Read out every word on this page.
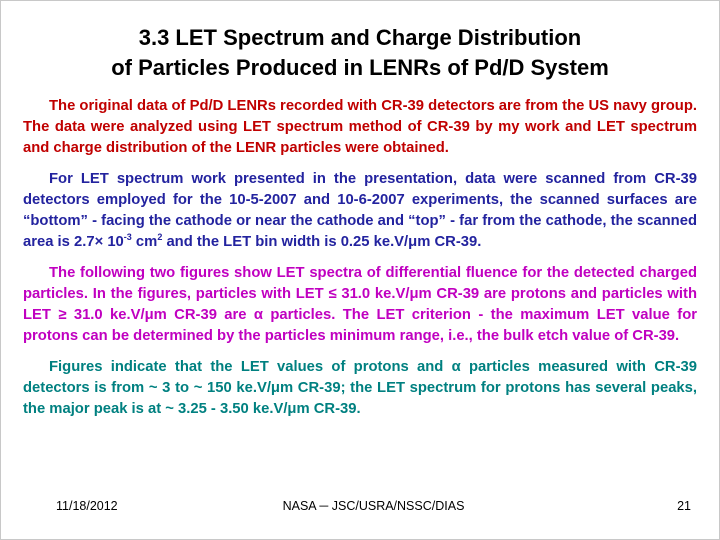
3.3 LET Spectrum and Charge Distribution
of Particles Produced in LENRs of Pd/D System

The original data of Pd/D LENRs recorded with CR-39 detectors are from the US navy group. The data were analyzed using LET spectrum method of CR-39 by my work and LET spectrum and charge distribution of the LENR particles were obtained.

For LET spectrum work presented in the presentation, data were scanned from CR-39 detectors employed for the 10-5-2007 and 10-6-2007 experiments, the scanned surfaces are “bottom” - facing the cathode or near the cathode and “top” - far from the cathode, the scanned area is $2.7\times 10^{-3}$ $cm^2$ and the LET bin width is 0.25 ke.V/μm CR-39.

The following two figures show LET spectra of differential fluence for the detected charged particles. In the figures, particles with LET ≤ 31.0 ke.V/μm CR-39 are protons and particles with LET ≥ 31.0 ke.V/μm CR-39 are α particles. The LET criterion - the maximum LET value for protons can be determined by the particles minimum range, i.e., the bulk etch value of CR-39.

Figures indicate that the LET values of protons and α particles measured with CR-39 detectors is from ~ 3 to ~ 150 ke.V/μm CR-39; the LET spectrum for protons has several peaks, the major peak is at ~ 3.25 - 3.50 ke.V/μm CR-39.

11/18/2012	NASA ─ JSC/USRA/NSSC/DIAS	21
